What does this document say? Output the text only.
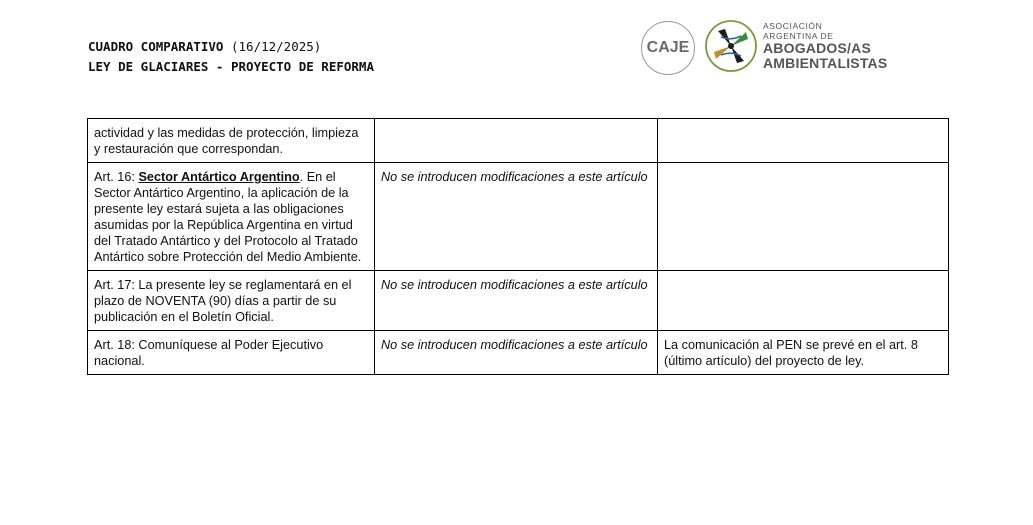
CUADRO COMPARATIVO (16/12/2025)
LEY DE GLACIARES - PROYECTO DE REFORMA
CAJE
ASOCIACIÓN
ARGENTINA DE
ABOGADOS/AS
AMBIENTALISTAS
actividad y las medidas de protección, limpieza y restauración que correspondan.		
Art. 16: Sector Antártico Argentino. En el Sector Antártico Argentino, la aplicación de la presente ley estará sujeta a las obligaciones asumidas por la República Argentina en virtud del Tratado Antártico y del Protocolo al Tratado Antártico sobre Protección del Medio Ambiente.	No se introducen modificaciones a este artículo	
Art. 17: La presente ley se reglamentará en el plazo de NOVENTA (90) días a partir de su publicación en el Boletín Oficial.	No se introducen modificaciones a este artículo	
Art. 18: Comuníquese al Poder Ejecutivo nacional.	No se introducen modificaciones a este artículo	La comunicación al PEN se prevé en el art. 8 (último artículo) del proyecto de ley.
